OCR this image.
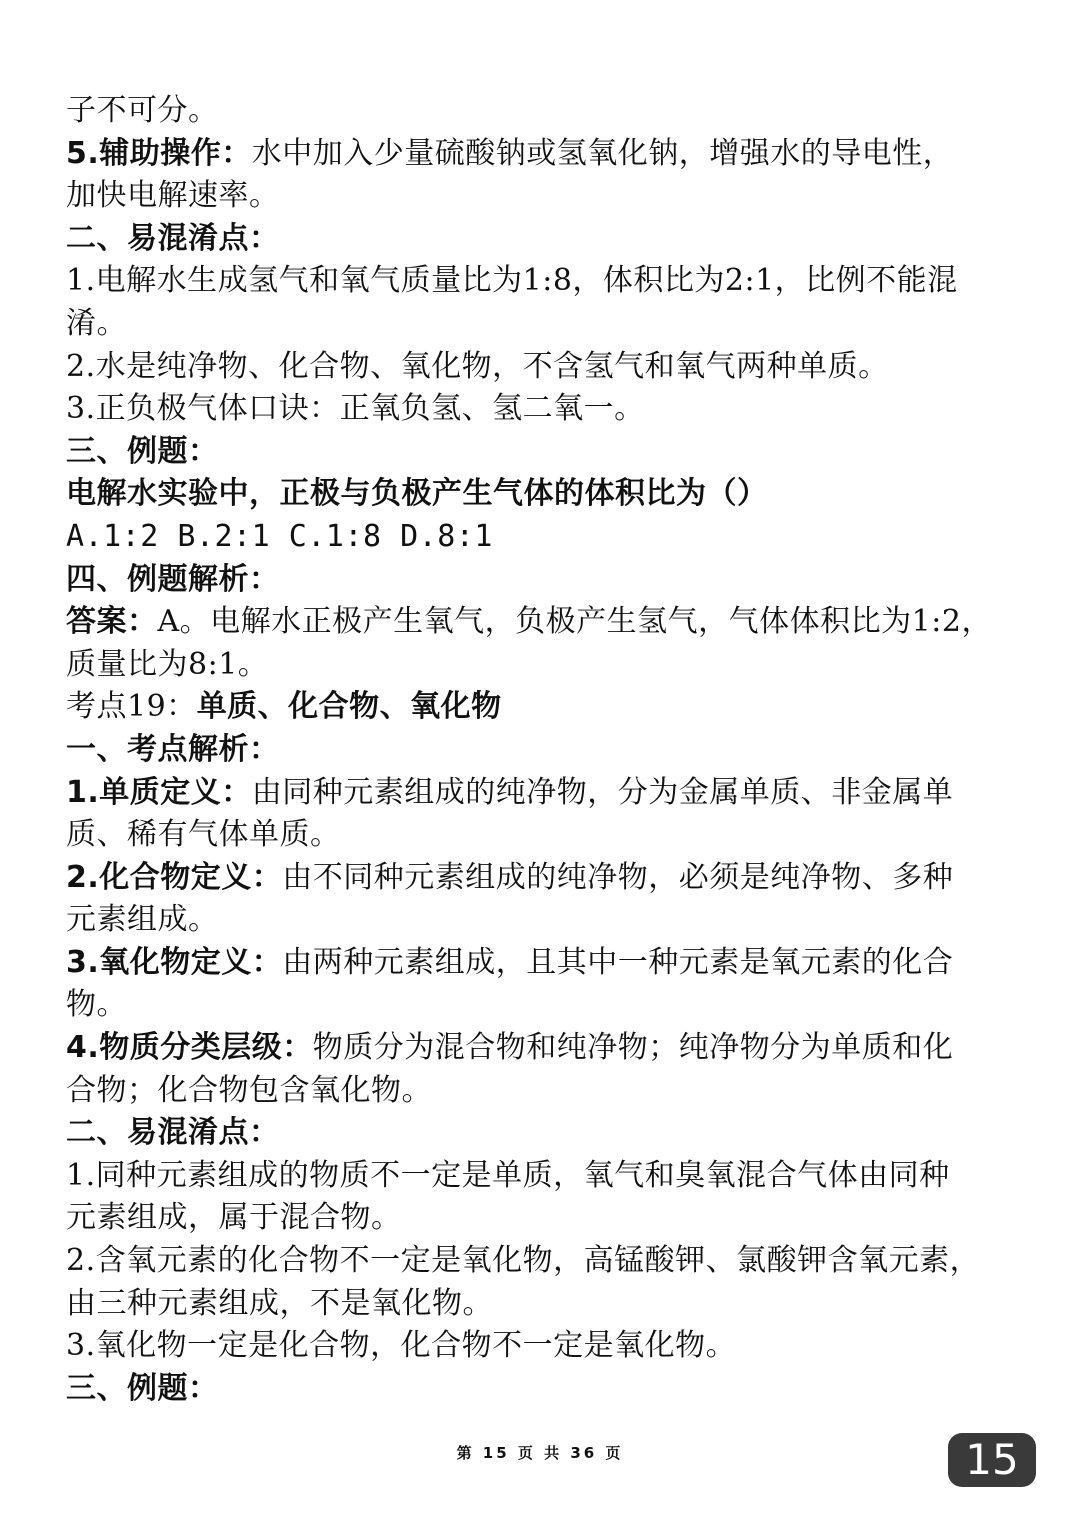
子不可分。
5.辅助操作：水中加入少量硫酸钠或氢氧化钠，增强水的导电性，
加快电解速率。
二、易混淆点：
1.电解水生成氢气和氧气质量比为1:8，体积比为2:1，比例不能混
淆。
2.水是纯净物、化合物、氧化物，不含氢气和氧气两种单质。
3.正负极气体口诀：正氧负氢、氢二氧一。
三、例题：
电解水实验中，正极与负极产生气体的体积比为（）
A.1:2 B.2:1 C.1:8 D.8:1
四、例题解析：
答案：A。电解水正极产生氧气，负极产生氢气，气体体积比为1:2，
质量比为8:1。
考点19：单质、化合物、氧化物
一、考点解析：
1.单质定义：由同种元素组成的纯净物，分为金属单质、非金属单
质、稀有气体单质。
2.化合物定义：由不同种元素组成的纯净物，必须是纯净物、多种
元素组成。
3.氧化物定义：由两种元素组成，且其中一种元素是氧元素的化合
物。
4.物质分类层级：物质分为混合物和纯净物；纯净物分为单质和化
合物；化合物包含氧化物。
二、易混淆点：
1.同种元素组成的物质不一定是单质，氧气和臭氧混合气体由同种
元素组成，属于混合物。
2.含氧元素的化合物不一定是氧化物，高锰酸钾、氯酸钾含氧元素，
由三种元素组成，不是氧化物。
3.氧化物一定是化合物，化合物不一定是氧化物。
三、例题：
第 15 页 共 36 页	15
